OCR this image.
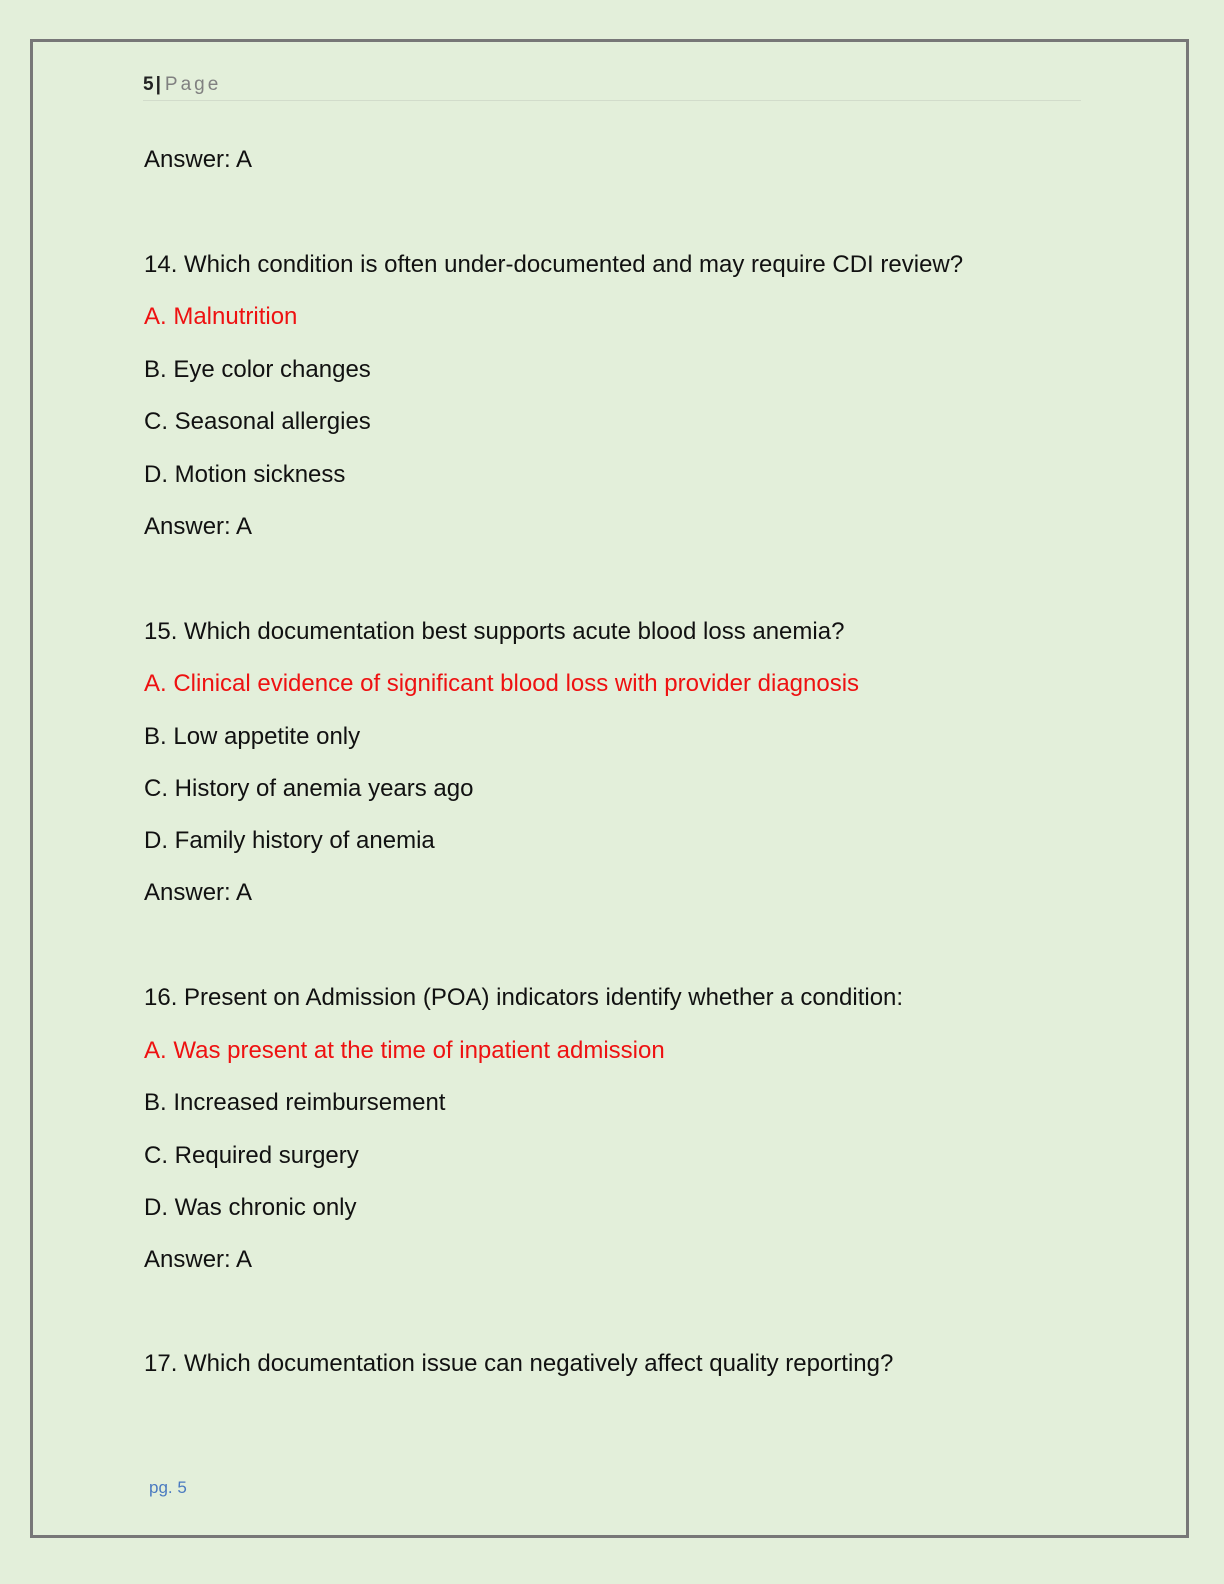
5 | Page

Answer: A

14. Which condition is often under-documented and may require CDI review?

A. Malnutrition

B. Eye color changes

C. Seasonal allergies

D. Motion sickness

Answer: A

15. Which documentation best supports acute blood loss anemia?

A. Clinical evidence of significant blood loss with provider diagnosis

B. Low appetite only

C. History of anemia years ago

D. Family history of anemia

Answer: A

16. Present on Admission (POA) indicators identify whether a condition:

A. Was present at the time of inpatient admission

B. Increased reimbursement

C. Required surgery

D. Was chronic only

Answer: A

17. Which documentation issue can negatively affect quality reporting?

pg. 5
